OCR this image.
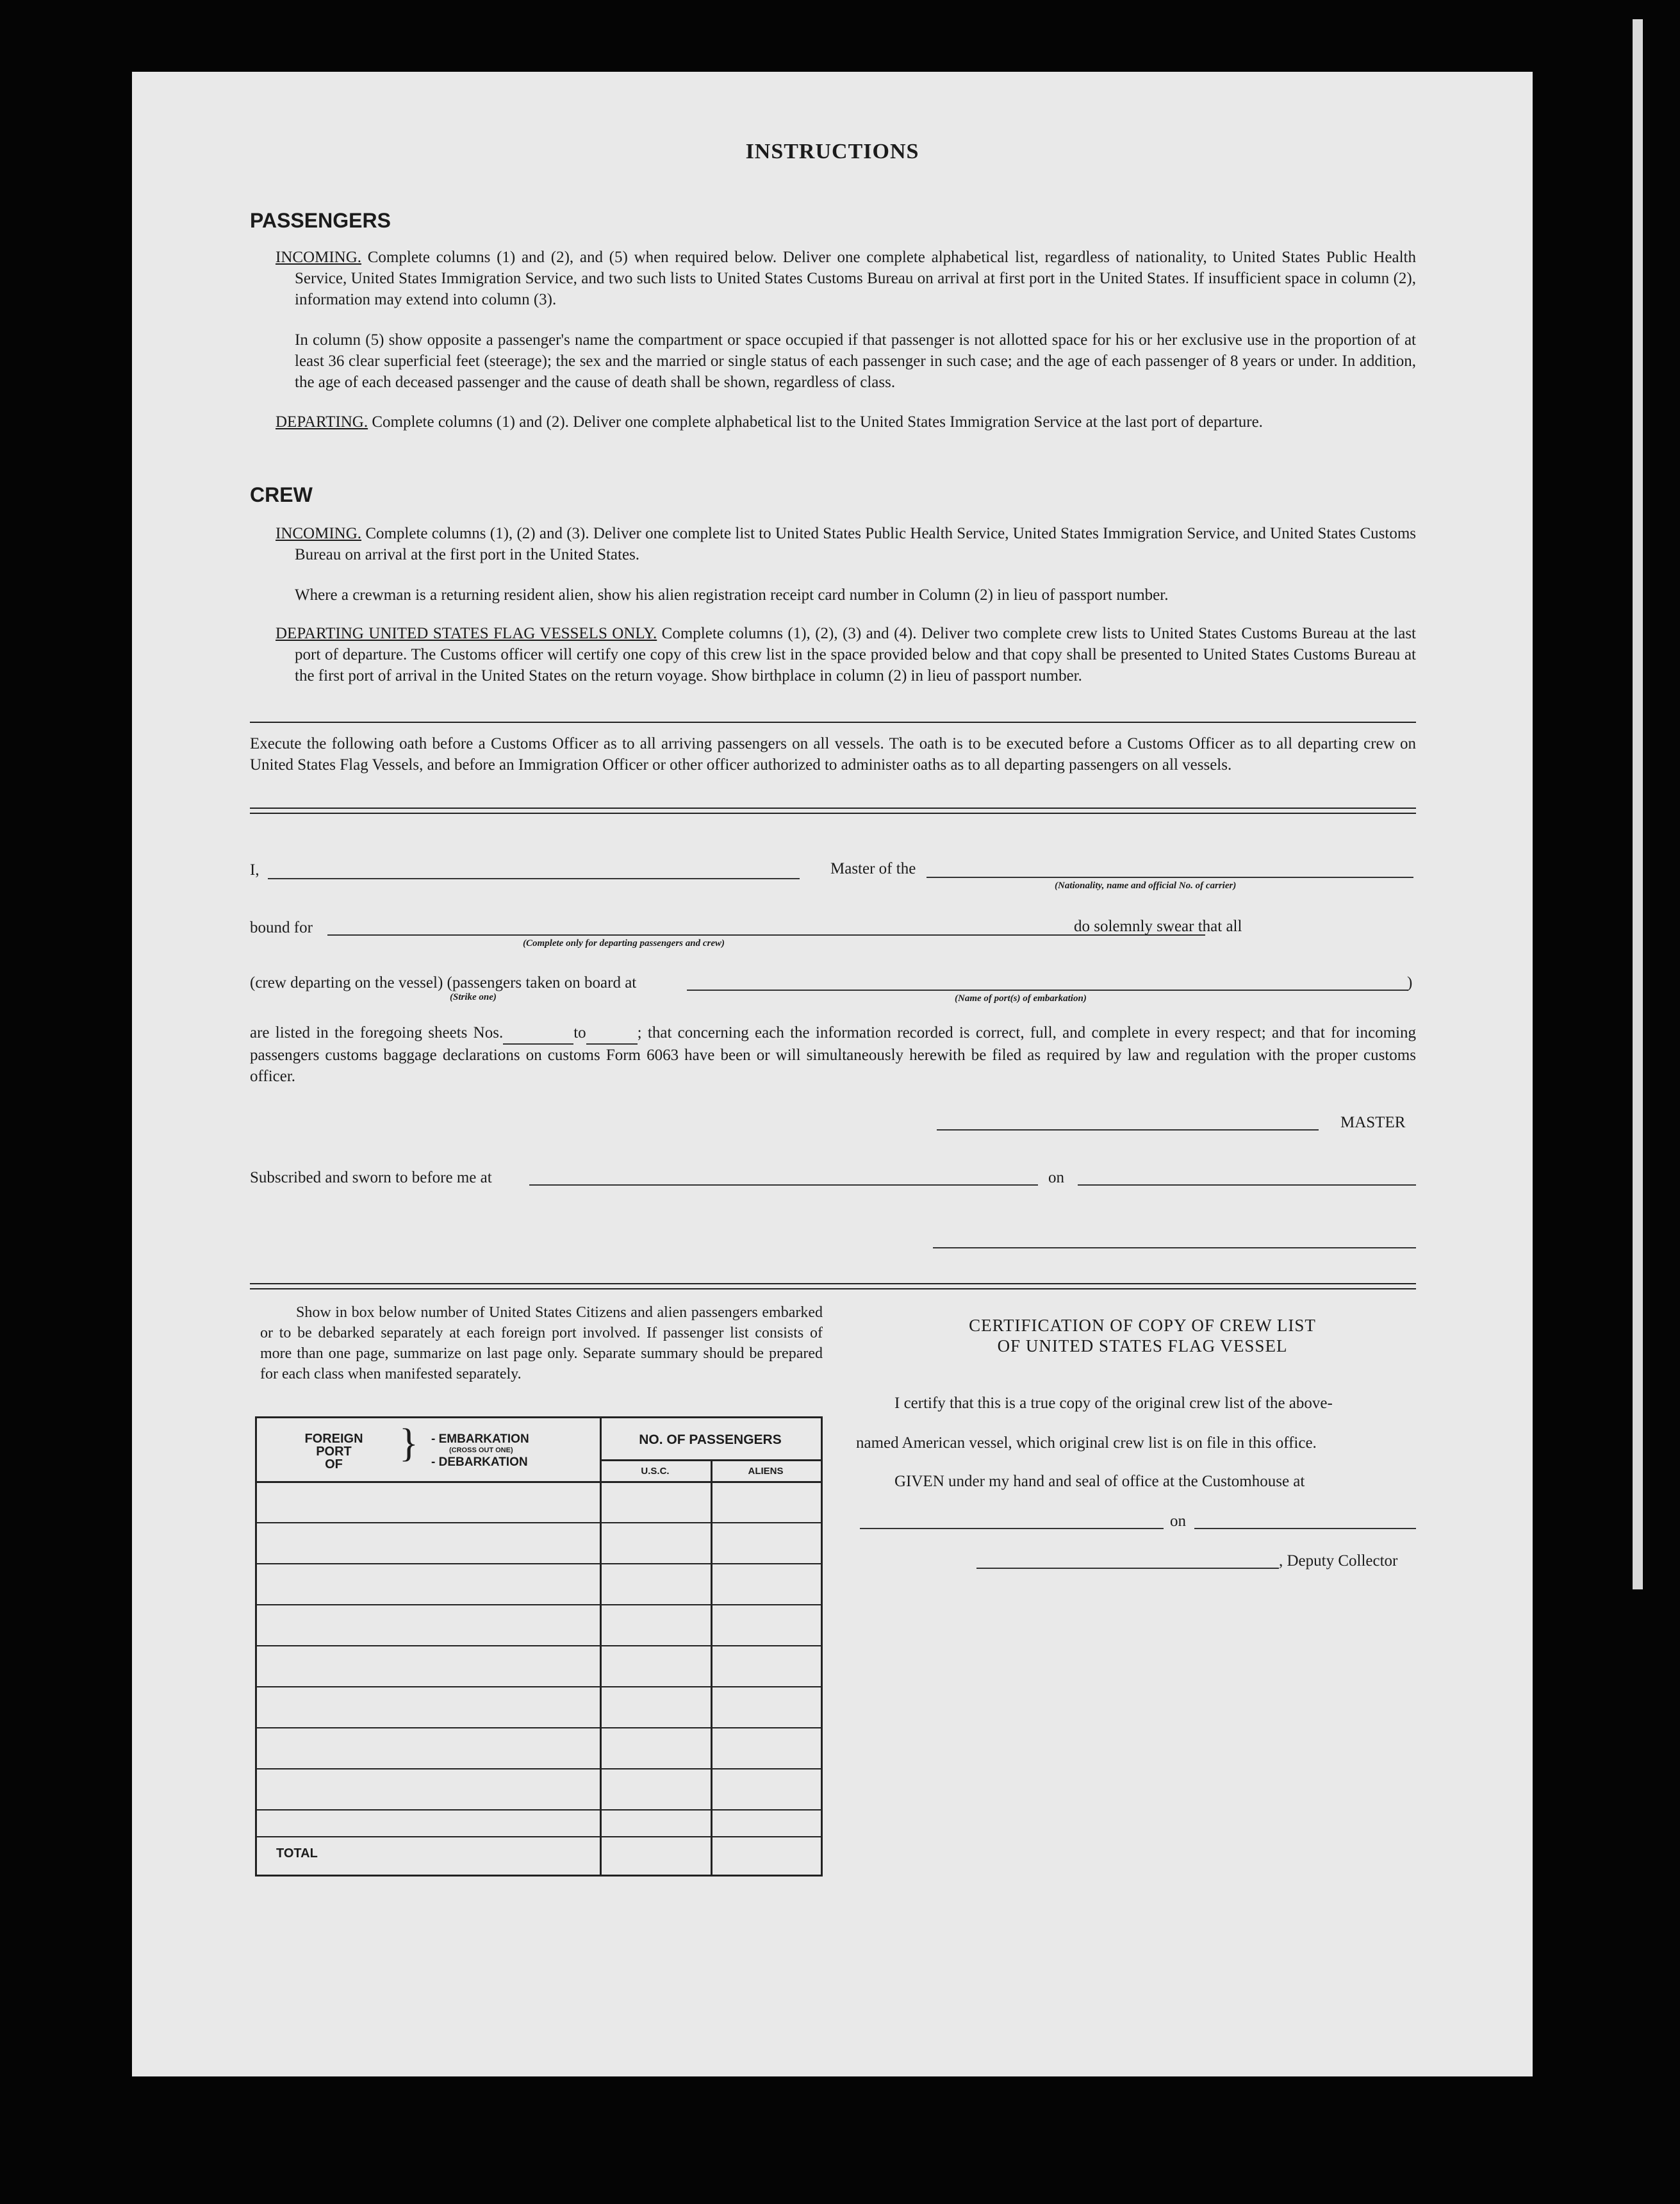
INSTRUCTIONS
PASSENGERS
INCOMING. Complete columns (1) and (2), and (5) when required below. Deliver one complete alphabetical list, regardless of nationality, to United States Public Health Service, United States Immigration Service, and two such lists to United States Customs Bureau on arrival at first port in the United States. If insufficient space in column (2), information may extend into column (3).
In column (5) show opposite a passenger's name the compartment or space occupied if that passenger is not allotted space for his or her exclusive use in the proportion of at least 36 clear superficial feet (steerage); the sex and the married or single status of each passenger in such case; and the age of each passenger of 8 years or under. In addition, the age of each deceased passenger and the cause of death shall be shown, regardless of class.
DEPARTING. Complete columns (1) and (2). Deliver one complete alphabetical list to the United States Immigration Service at the last port of departure.
CREW
INCOMING. Complete columns (1), (2) and (3). Deliver one complete list to United States Public Health Service, United States Immigration Service, and United States Customs Bureau on arrival at the first port in the United States.
Where a crewman is a returning resident alien, show his alien registration receipt card number in Column (2) in lieu of passport number.
DEPARTING UNITED STATES FLAG VESSELS ONLY. Complete columns (1), (2), (3) and (4). Deliver two complete crew lists to United States Customs Bureau at the last port of departure. The Customs officer will certify one copy of this crew list in the space provided below and that copy shall be presented to United States Customs Bureau at the first port of arrival in the United States on the return voyage. Show birthplace in column (2) in lieu of passport number.
Execute the following oath before a Customs Officer as to all arriving passengers on all vessels. The oath is to be executed before a Customs Officer as to all departing crew on United States Flag Vessels, and before an Immigration Officer or other officer authorized to administer oaths as to all departing passengers on all vessels.
I,	Master of the
(Nationality, name and official No. of carrier)
bound for
(Complete only for departing passengers and crew)
do solemnly swear that all
(crew departing on the vessel) (passengers taken on board at	)
(Strike one)	(Name of port(s) of embarkation)
are listed in the foregoing sheets Nos.	to	; that concerning each the information recorded is correct, full, and complete in every respect; and that for incoming passengers customs baggage declarations on customs Form 6063 have been or will simultaneously herewith be filed as required by law and regulation with the proper customs officer.
MASTER
Subscribed and sworn to before me at	on
Show in box below number of United States Citizens and alien passengers embarked or to be debarked separately at each foreign port involved. If passenger list consists of more than one page, summarize on last page only. Separate summary should be prepared for each class when manifested separately.
FOREIGN
PORT
OF	} - EMBARKATION
(CROSS OUT ONE)
- DEBARKATION
NO. OF PASSENGERS
U.S.C.	ALIENS
TOTAL
CERTIFICATION OF COPY OF CREW LIST
OF UNITED STATES FLAG VESSEL
I certify that this is a true copy of the original crew list of the above-
named American vessel, which original crew list is on file in this office.
GIVEN under my hand and seal of office at the Customhouse at
on
, Deputy Collector
